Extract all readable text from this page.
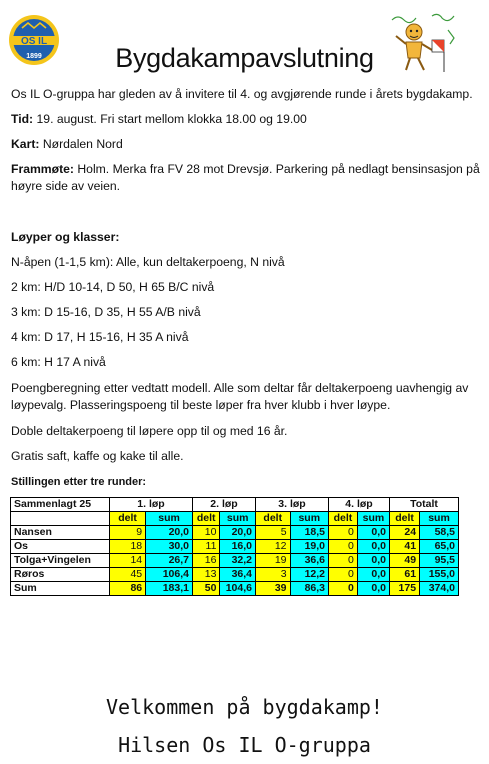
OS IL
1899	Bygdakampavslutning

Os IL O-gruppa har gleden av å invitere til 4. og avgjørende runde i årets bygdakamp.

Tid: 19. august. Fri start mellom klokka 18.00 og 19.00

Kart: Nørdalen Nord

Frammøte: Holm. Merka fra FV 28 mot Drevsjø. Parkering på nedlagt bensinsasjon på høyre side av veien.

Løyper og klasser:

N-åpen (1-1,5 km): Alle, kun deltakerpoeng, N nivå

2 km: H/D 10-14, D 50, H 65 B/C nivå

3 km: D 15-16, D 35, H 55 A/B nivå

4 km: D 17, H 15-16, H 35 A nivå

6 km: H 17 A nivå

Poengberegning etter vedtatt modell. Alle som deltar får deltakerpoeng uavhengig av løypevalg. Plasseringspoeng til beste løper fra hver klubb i hver løype.

Doble deltakerpoeng til løpere opp til og med 16 år.

Gratis saft, kaffe og kake til alle.

Stillingen etter tre runder:

Sammenlagt 25	1. løp		2. løp		3. løp		4. løp		Totalt	
	delt	sum	delt	sum	delt	sum	delt	sum	delt	sum
Nansen	9	20,0	10	20,0	5	18,5	0	0,0	24	58,5
Os	18	30,0	11	16,0	12	19,0	0	0,0	41	65,0
Tolga+Vingelen	14	26,7	16	32,2	19	36,6	0	0,0	49	95,5
Røros	45	106,4	13	36,4	3	12,2	0	0,0	61	155,0
Sum	86	183,1	50	104,6	39	86,3	0	0,0	175	374,0
Velkommen på bygdakamp!
Hilsen Os IL O-gruppa
